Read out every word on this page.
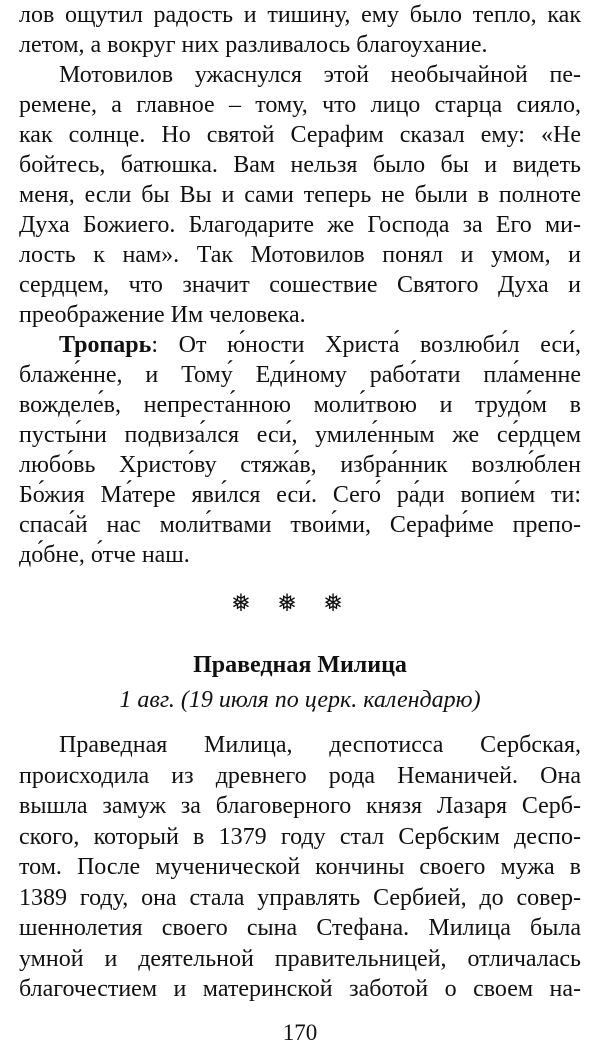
лов ощутил радость и тишину, ему было тепло, как
летом, а вокруг них разливалось благоухание.
Мотовилов ужаснулся этой необычайной пе-
ремене, а главное – тому, что лицо старца сияло,
как солнце. Но святой Серафим сказал ему: «Не
бойтесь, батюшка. Вам нельзя было бы и видеть
меня, если бы Вы и сами теперь не были в полноте
Духа Божиего. Благодарите же Господа за Его ми-
лость к нам». Так Мотовилов понял и умом, и
сердцем, что значит сошествие Святого Духа и
преображение Им человека.
Тропарь: От ю́ности Христа́ возлюби́л еси́,
блаже́нне, и Тому́ Еди́ному рабо́тати пла́менне
вожделе́в, непреста́нною моли́твою и трудо́м в
пусты́ни подвиза́лся еси́, умиле́нным же се́рдцем
любо́вь Христо́ву стяжа́в, избра́нник возлю́блен
Бо́жия Ма́тере яви́лся еси́. Сего́ ра́ди вопие́м ти:
спаса́й нас моли́твами твои́ми, Серафи́ме препо-
до́бне, о́тче наш.
❅❅❅
Праведная Милица
1 авг. (19 июля по церк. календарю)
Праведная Милица, деспотисса Сербская,
происходила из древнего рода Неманичей. Она
вышла замуж за благоверного князя Лазаря Серб-
ского, который в 1379 году стал Сербским деспо-
том. После мученической кончины своего мужа в
1389 году, она стала управлять Сербией, до совер-
шеннолетия своего сына Стефана. Милица была
умной и деятельной правительницей, отличалась
благочестием и материнской заботой о своем на-
170
